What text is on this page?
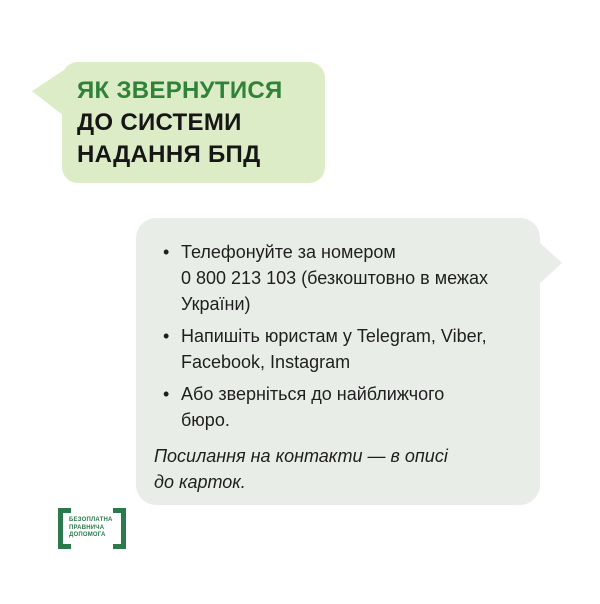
ЯК ЗВЕРНУТИСЯ
ДО СИСТЕМИ
НАДАННЯ БПД
• Телефонуйте за номером
0 800 213 103 (безкоштовно в межах
України)
• Напишіть юристам у Telegram, Viber,
Facebook, Instagram
• Або зверніться до найближчого
бюро.
Посилання на контакти — в описі
до карток.
БЕЗОПЛАТНА
ПРАВНИЧА
ДОПОМОГА
